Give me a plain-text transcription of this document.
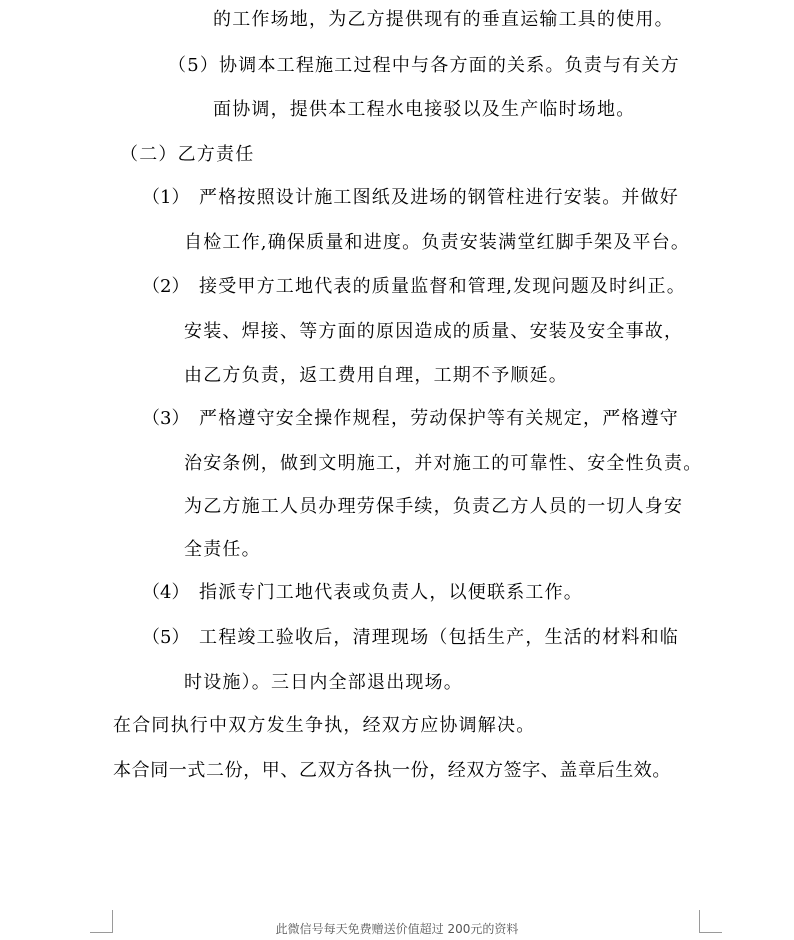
的工作场地，为乙方提供现有的垂直运输工具的使用。
（5）协调本工程施工过程中与各方面的关系。负责与有关方
面协调，提供本工程水电接驳以及生产临时场地。
（二）乙方责任
（1） 严格按照设计施工图纸及进场的钢管柱进行安装。并做好
自检工作,确保质量和进度。负责安装满堂红脚手架及平台。
（2） 接受甲方工地代表的质量监督和管理,发现问题及时纠正。
安装、焊接、等方面的原因造成的质量、安装及安全事故，
由乙方负责，返工费用自理，工期不予顺延。
（3） 严格遵守安全操作规程，劳动保护等有关规定，严格遵守
治安条例，做到文明施工，并对施工的可靠性、安全性负责。
为乙方施工人员办理劳保手续，负责乙方人员的一切人身安
全责任。
（4） 指派专门工地代表或负责人，以便联系工作。
（5） 工程竣工验收后，清理现场（包括生产，生活的材料和临
时设施）。三日内全部退出现场。
在合同执行中双方发生争执，经双方应协调解决。
本合同一式二份，甲、乙双方各执一份，经双方签字、盖章后生效。
此微信号每天免费赠送价值超过 200元的资料
